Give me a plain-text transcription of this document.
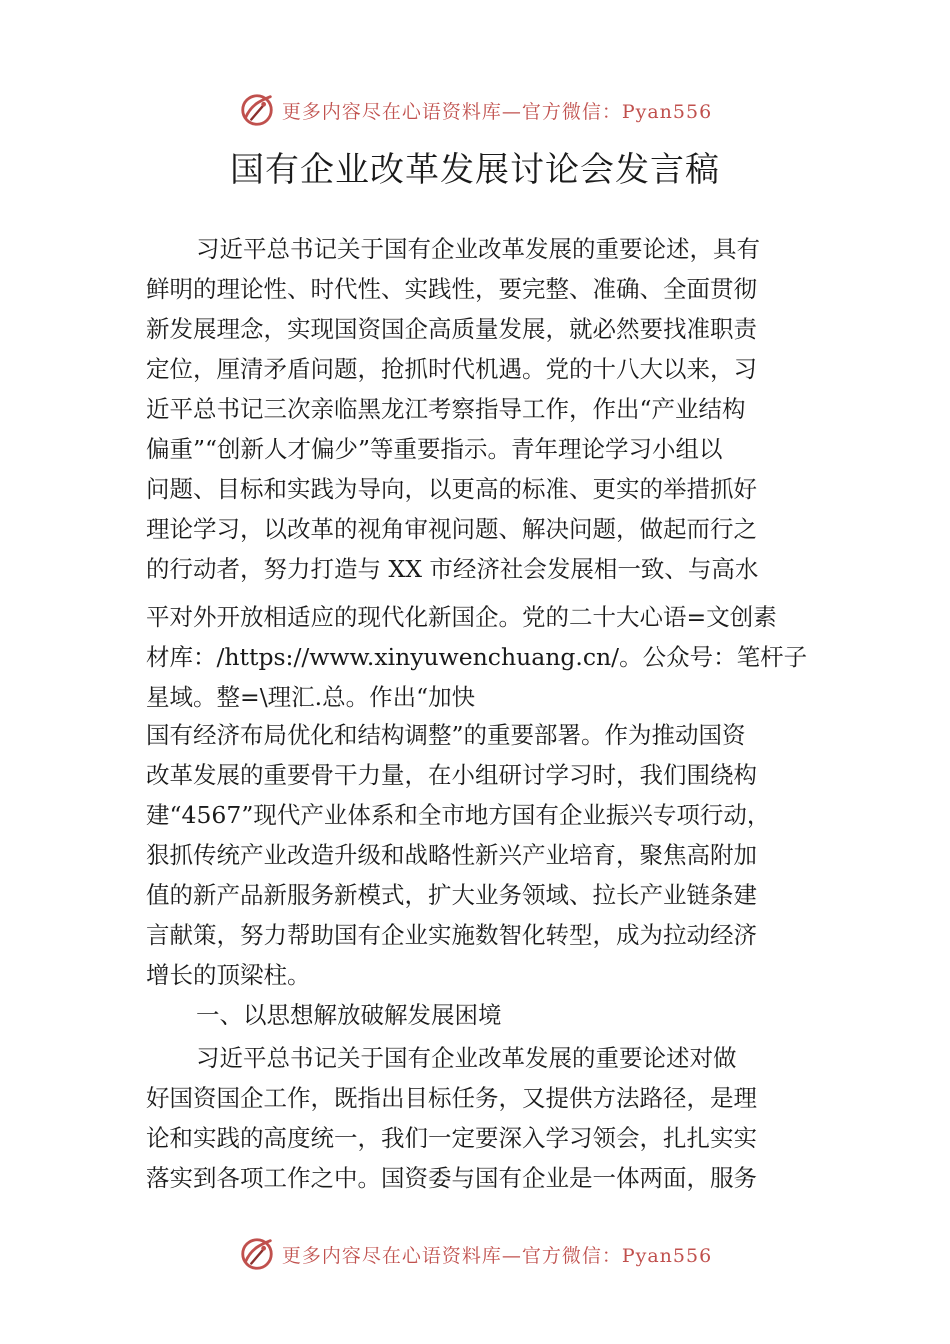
更多内容尽在心语资料库—官方微信：Pyan556
国有企业改革发展讨论会发言稿
习近平总书记关于国有企业改革发展的重要论述，具有
鲜明的理论性、时代性、实践性，要完整、准确、全面贯彻
新发展理念，实现国资国企高质量发展，就必然要找准职责
定位，厘清矛盾问题，抢抓时代机遇。党的十八大以来，习
近平总书记三次亲临黑龙江考察指导工作，作出“产业结构
偏重”“创新人才偏少”等重要指示。青年理论学习小组以
问题、目标和实践为导向，以更高的标准、更实的举措抓好
理论学习，以改革的视角审视问题、解决问题，做起而行之
的行动者，努力打造与 XX 市经济社会发展相一致、与高水
平对外开放相适应的现代化新国企。党的二十大心语=文创素
材库：/https://www.xinyuwenchuang.cn/。公众号：笔杆子
星域。整=\理汇.总。作出“加快
国有经济布局优化和结构调整”的重要部署。作为推动国资
改革发展的重要骨干力量，在小组研讨学习时，我们围绕构
建“4567”现代产业体系和全市地方国有企业振兴专项行动，
狠抓传统产业改造升级和战略性新兴产业培育，聚焦高附加
值的新产品新服务新模式，扩大业务领域、拉长产业链条建
言献策，努力帮助国有企业实施数智化转型，成为拉动经济
增长的顶梁柱。
一、以思想解放破解发展困境
习近平总书记关于国有企业改革发展的重要论述对做
好国资国企工作，既指出目标任务，又提供方法路径，是理
论和实践的高度统一，我们一定要深入学习领会，扎扎实实
落实到各项工作之中。国资委与国有企业是一体两面，服务
更多内容尽在心语资料库—官方微信：Pyan556
